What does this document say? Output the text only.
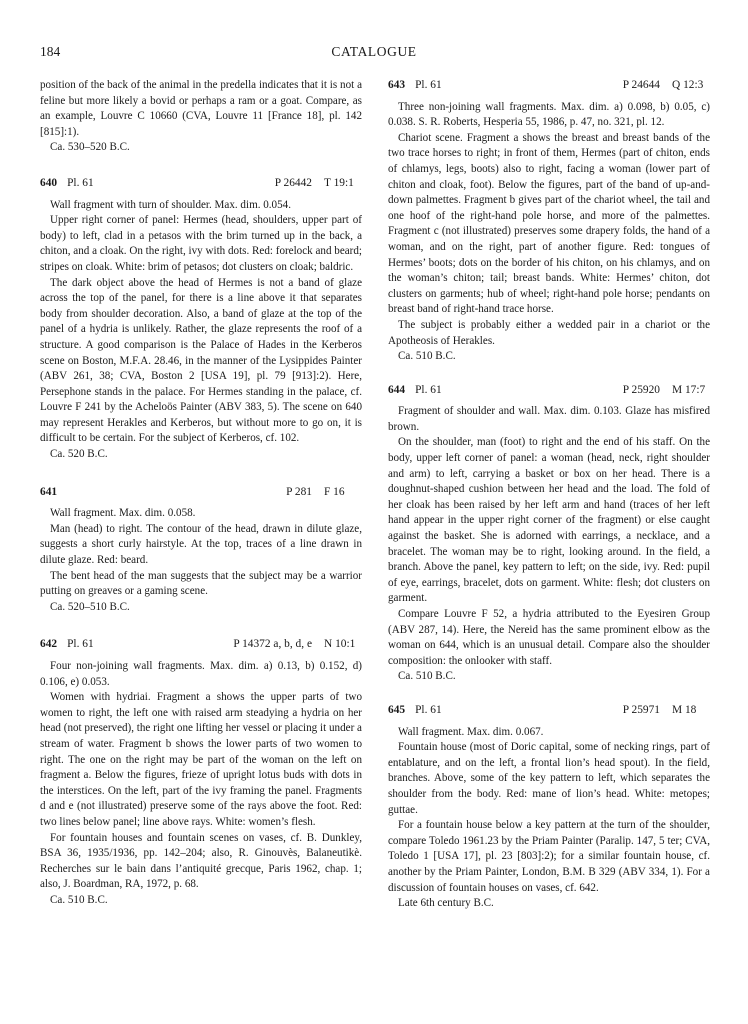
184	CATALOGUE

position of the back of the animal in the predella indicates that it is not a feline but more likely a bovid or perhaps a ram or a goat. Compare, as an example, Louvre C 10660 (CVA, Louvre 11 [France 18], pl. 142 [815]:1).

Ca. 530–520 B.C.

640 Pl. 61	P 26442 T 19:1

Wall fragment with turn of shoulder. Max. dim. 0.054.

Upper right corner of panel: Hermes (head, shoulders, upper part of body) to left, clad in a petasos with the brim turned up in the back, a chiton, and a cloak. On the right, ivy with dots. Red: forelock and beard; stripes on cloak. White: brim of petasos; dot clusters on cloak; baldric.

The dark object above the head of Hermes is not a band of glaze across the top of the panel, for there is a line above it that separates body from shoulder decoration. Also, a band of glaze at the top of the panel of a hydria is unlikely. Rather, the glaze represents the roof of a structure. A good comparison is the Palace of Hades in the Kerberos scene on Boston, M.F.A. 28.46, in the manner of the Lysippides Painter (ABV 261, 38; CVA, Boston 2 [USA 19], pl. 79 [913]:2). Here, Persephone stands in the palace. For Hermes standing in the palace, cf. Louvre F 241 by the Acheloös Painter (ABV 383, 5). The scene on 640 may represent Herakles and Kerberos, but without more to go on, it is difficult to be certain. For the subject of Kerberos, cf. 102.

Ca. 520 B.C.

641	P 281 F 16

Wall fragment. Max. dim. 0.058.

Man (head) to right. The contour of the head, drawn in dilute glaze, suggests a short curly hairstyle. At the top, traces of a line drawn in dilute glaze. Red: beard.

The bent head of the man suggests that the subject may be a warrior putting on greaves or a gaming scene.

Ca. 520–510 B.C.

642 Pl. 61	P 14372 a, b, d, e N 10:1

Four non-joining wall fragments. Max. dim. a) 0.13, b) 0.152, d) 0.106, e) 0.053.

Women with hydriai. Fragment a shows the upper parts of two women to right, the left one with raised arm steadying a hydria on her head (not preserved), the right one lifting her vessel or placing it under a stream of water. Fragment b shows the lower parts of two women to right. The one on the right may be part of the woman on the left on fragment a. Below the figures, frieze of upright lotus buds with dots in the interstices. On the left, part of the ivy framing the panel. Fragments d and e (not illustrated) preserve some of the rays above the foot. Red: two lines below panel; line above rays. White: women’s flesh.

For fountain houses and fountain scenes on vases, cf. B. Dunkley, BSA 36, 1935/1936, pp. 142–204; also, R. Ginouvès, Balaneutikè. Recherches sur le bain dans l’antiquité grecque, Paris 1962, chap. 1; also, J. Boardman, RA, 1972, p. 68.

Ca. 510 B.C.

643 Pl. 61	P 24644 Q 12:3

Three non-joining wall fragments. Max. dim. a) 0.098, b) 0.05, c) 0.038. S. R. Roberts, Hesperia 55, 1986, p. 47, no. 321, pl. 12.

Chariot scene. Fragment a shows the breast and breast bands of the two trace horses to right; in front of them, Hermes (part of chiton, ends of chlamys, legs, boots) also to right, facing a woman (lower part of chiton and cloak, foot). Below the figures, part of the band of up-and-down palmettes. Fragment b gives part of the chariot wheel, the tail and one hoof of the right-hand pole horse, and more of the palmettes. Fragment c (not illustrated) preserves some drapery folds, the hand of a woman, and on the right, part of another figure. Red: tongues of Hermes’ boots; dots on the border of his chiton, on his chlamys, and on the woman’s chiton; tail; breast bands. White: Hermes’ chiton, dot clusters on garments; hub of wheel; right-hand pole horse; pendants on breast band of right-hand trace horse.

The subject is probably either a wedded pair in a chariot or the Apotheosis of Herakles.

Ca. 510 B.C.

644 Pl. 61	P 25920 M 17:7

Fragment of shoulder and wall. Max. dim. 0.103. Glaze has misfired brown.

On the shoulder, man (foot) to right and the end of his staff. On the body, upper left corner of panel: a woman (head, neck, right shoulder and arm) to left, carrying a basket or box on her head. There is a doughnut-shaped cushion between her head and the load. The fold of her cloak has been raised by her left arm and hand (traces of her left hand appear in the upper right corner of the fragment) or else caught against the basket. She is adorned with earrings, a necklace, and a bracelet. The woman may be to right, looking around. In the field, a branch. Above the panel, key pattern to left; on the side, ivy. Red: pupil of eye, earrings, bracelet, dots on garment. White: flesh; dot clusters on garment.

Compare Louvre F 52, a hydria attributed to the Eyesiren Group (ABV 287, 14). Here, the Nereid has the same prominent elbow as the woman on 644, which is an unusual detail. Compare also the shoulder composition: the onlooker with staff.

Ca. 510 B.C.

645 Pl. 61	P 25971 M 18

Wall fragment. Max. dim. 0.067.

Fountain house (most of Doric capital, some of necking rings, part of entablature, and on the left, a frontal lion’s head spout). In the field, branches. Above, some of the key pattern to left, which separates the shoulder from the body. Red: mane of lion’s head. White: metopes; guttae.

For a fountain house below a key pattern at the turn of the shoulder, compare Toledo 1961.23 by the Priam Painter (Paralip. 147, 5 ter; CVA, Toledo 1 [USA 17], pl. 23 [803]:2); for a similar fountain house, cf. another by the Priam Painter, London, B.M. B 329 (ABV 334, 1). For a discussion of fountain houses on vases, cf. 642.

Late 6th century B.C.
